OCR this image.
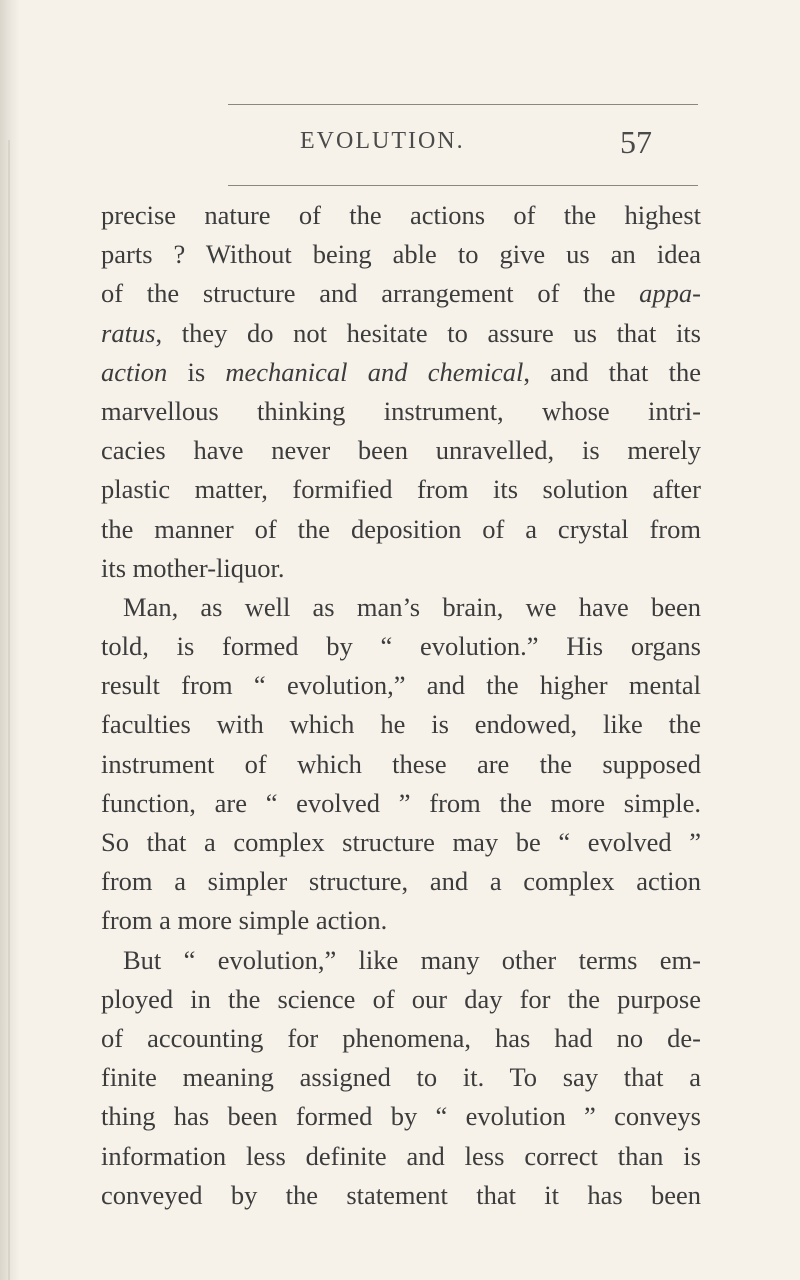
EVOLUTION.	57
precise nature of the actions of the highest
parts ? Without being able to give us an idea
of the structure and arrangement of the appa-
ratus, they do not hesitate to assure us that its
action is mechanical and chemical, and that the
marvellous thinking instrument, whose intri-
cacies have never been unravelled, is merely
plastic matter, formified from its solution after
the manner of the deposition of a crystal from
its mother-liquor.
Man, as well as man’s brain, we have been
told, is formed by “ evolution.” His organs
result from “ evolution,” and the higher mental
faculties with which he is endowed, like the
instrument of which these are the supposed
function, are “ evolved ” from the more simple.
So that a complex structure may be “ evolved ”
from a simpler structure, and a complex action
from a more simple action.
But “ evolution,” like many other terms em-
ployed in the science of our day for the purpose
of accounting for phenomena, has had no de-
finite meaning assigned to it. To say that a
thing has been formed by “ evolution ” conveys
information less definite and less correct than is
conveyed by the statement that it has been
